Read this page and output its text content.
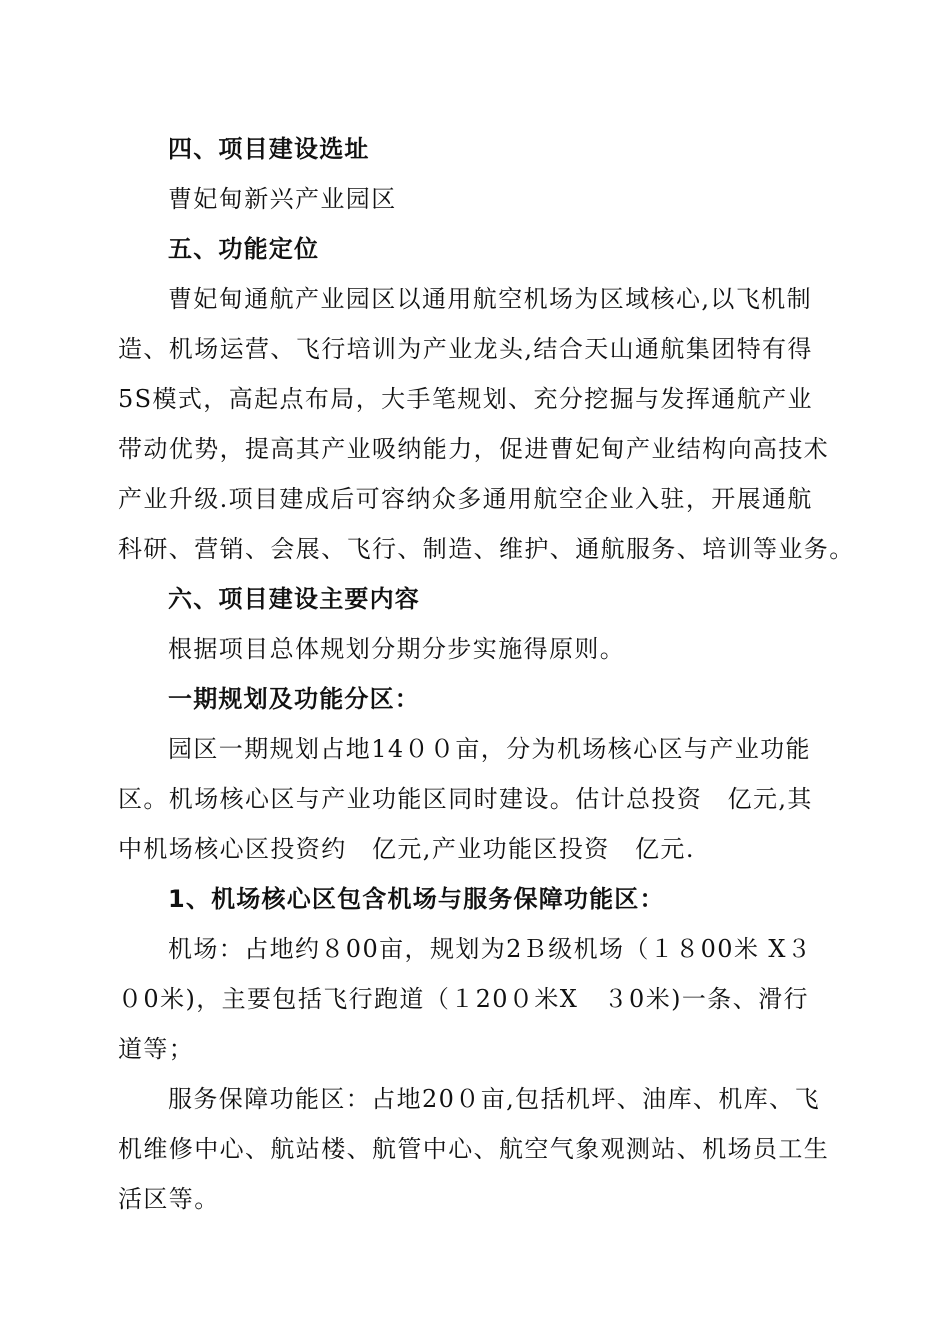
四、项目建设选址
曹妃甸新兴产业园区
五、功能定位
曹妃甸通航产业园区以通用航空机场为区域核心,以飞机制
造、机场运营、飞行培训为产业龙头,结合天山通航集团特有得
5S模式，高起点布局，大手笔规划、充分挖掘与发挥通航产业
带动优势，提高其产业吸纳能力，促进曹妃甸产业结构向高技术
产业升级.项目建成后可容纳众多通用航空企业入驻，开展通航
科研、营销、会展、飞行、制造、维护、通航服务、培训等业务。
六、项目建设主要内容
根据项目总体规划分期分步实施得原则。
一期规划及功能分区：
园区一期规划占地14００亩，分为机场核心区与产业功能
区。机场核心区与产业功能区同时建设。估计总投资　亿元,其
中机场核心区投资约　亿元,产业功能区投资　亿元.
1、机场核心区包含机场与服务保障功能区：
机场：占地约８00亩，规划为2Ｂ级机场（１８00米 X３
０0米)，主要包括飞行跑道（１20０米X　３0米)一条、滑行
道等；
服务保障功能区：占地20０亩,包括机坪、油库、机库、飞
机维修中心、航站楼、航管中心、航空气象观测站、机场员工生
活区等。
